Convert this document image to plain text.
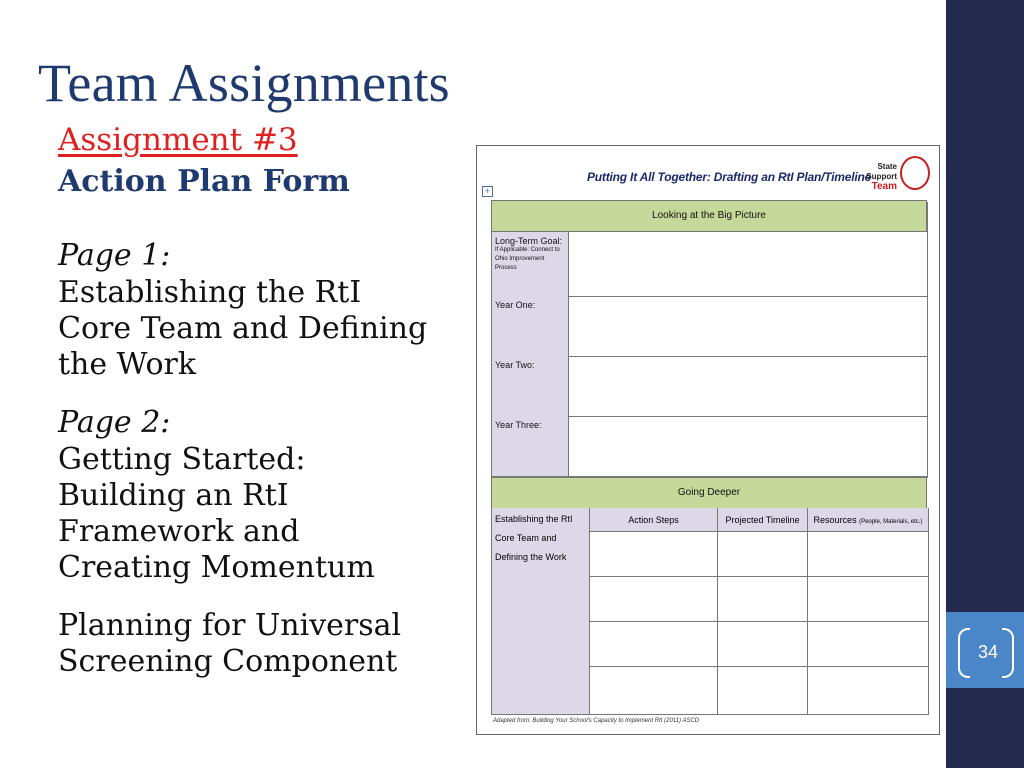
Team Assignments
Assignment #3
Action Plan Form
Page 1:
Establishing the RtI
Core Team and Defining
the Work
Page 2:
Getting Started:
Building an RtI
Framework and
Creating Momentum
Planning for Universal
Screening Component
+
Putting It All Together: Drafting an RtI Plan/Timeline
State Support
Team
Looking at the Big Picture
Long-Term Goal:
If Applicable: Connect to Ohio Improvement Process
Year One:
Year Two:
Year Three:
Going Deeper
Establishing the RtI
Core Team and
Defining the Work
Action Steps	Projected Timeline	Resources (People, Materials, etc.)
Adapted from: Building Your School's Capacity to Implement RtI (2011) ASCD
34
